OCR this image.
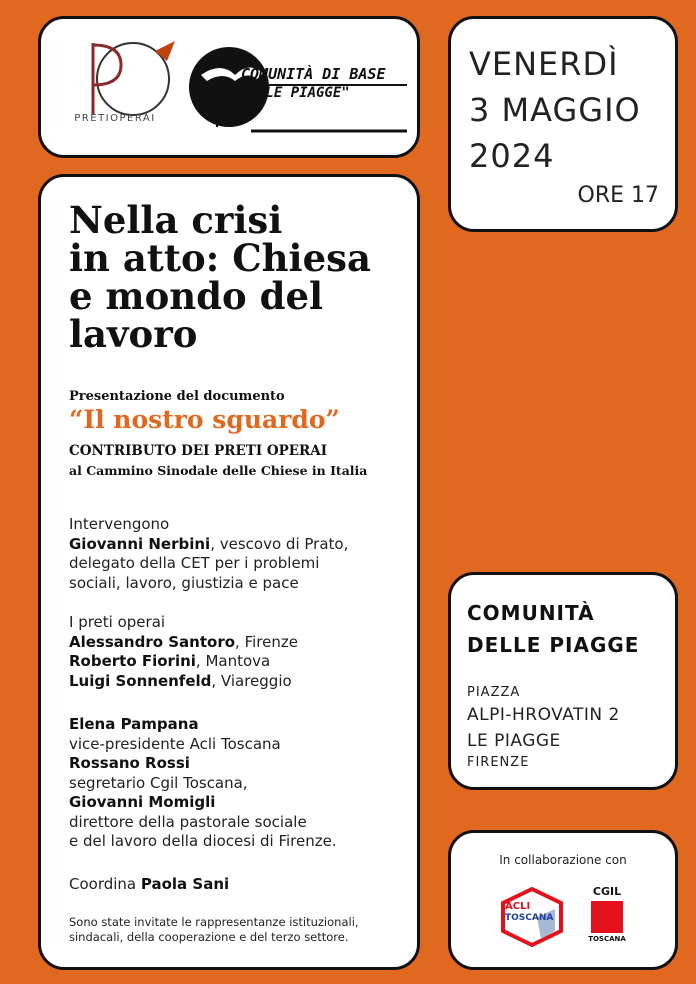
PRETIOPERAI
COMUNITÀ DI BASE
"LE PIAGGE"
VENERDÌ
3 MAGGIO
2024
ORE 17
Nella crisi
in atto: Chiesa
e mondo del
lavoro
Presentazione del documento
“Il nostro sguardo”
CONTRIBUTO DEI PRETI OPERAI
al Cammino Sinodale delle Chiese in Italia
Intervengono
Giovanni Nerbini, vescovo di Prato,
delegato della CET per i problemi
sociali, lavoro, giustizia e pace
I preti operai
Alessandro Santoro, Firenze
Roberto Fiorini, Mantova
Luigi Sonnenfeld, Viareggio
Elena Pampana
vice-presidente Acli Toscana
Rossano Rossi
segretario Cgil Toscana,
Giovanni Momigli
direttore della pastorale sociale
e del lavoro della diocesi di Firenze.
Coordina Paola Sani
Sono state invitate le rappresentanze istituzionali, sindacali, della cooperazione e del terzo settore.
COMUNITÀ
DELLE PIAGGE
PIAZZA
ALPI-HROVATIN 2
LE PIAGGE
FIRENZE
In collaborazione con
ACLI
TOSCANA
CGIL
TOSCANA
